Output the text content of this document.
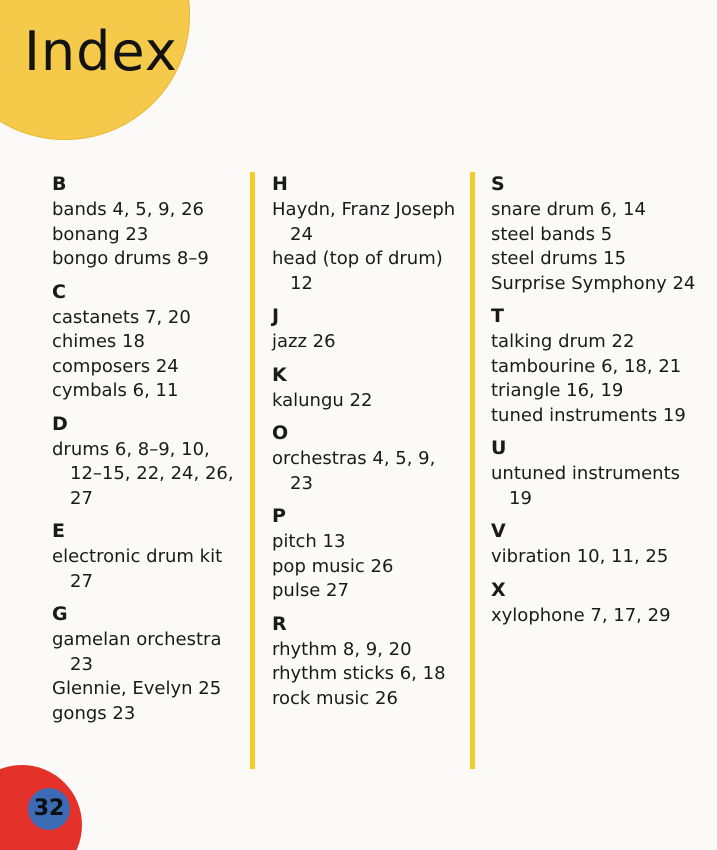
Index
B
bands 4, 5, 9, 26
bonang 23
bongo drums 8–9
C
castanets 7, 20
chimes 18
composers 24
cymbals 6, 11
D
drums 6, 8–9, 10, 12–15, 22, 24, 26, 27
E
electronic drum kit 27
G
gamelan orchestra 23
Glennie, Evelyn 25
gongs 23
H
Haydn, Franz Joseph 24
head (top of drum) 12
J
jazz 26
K
kalungu 22
O
orchestras 4, 5, 9, 23
P
pitch 13
pop music 26
pulse 27
R
rhythm 8, 9, 20
rhythm sticks 6, 18
rock music 26
S
snare drum 6, 14
steel bands 5
steel drums 15
Surprise Symphony 24
T
talking drum 22
tambourine 6, 18, 21
triangle 16, 19
tuned instruments 19
U
untuned instruments 19
V
vibration 10, 11, 25
X
xylophone 7, 17, 29
32
